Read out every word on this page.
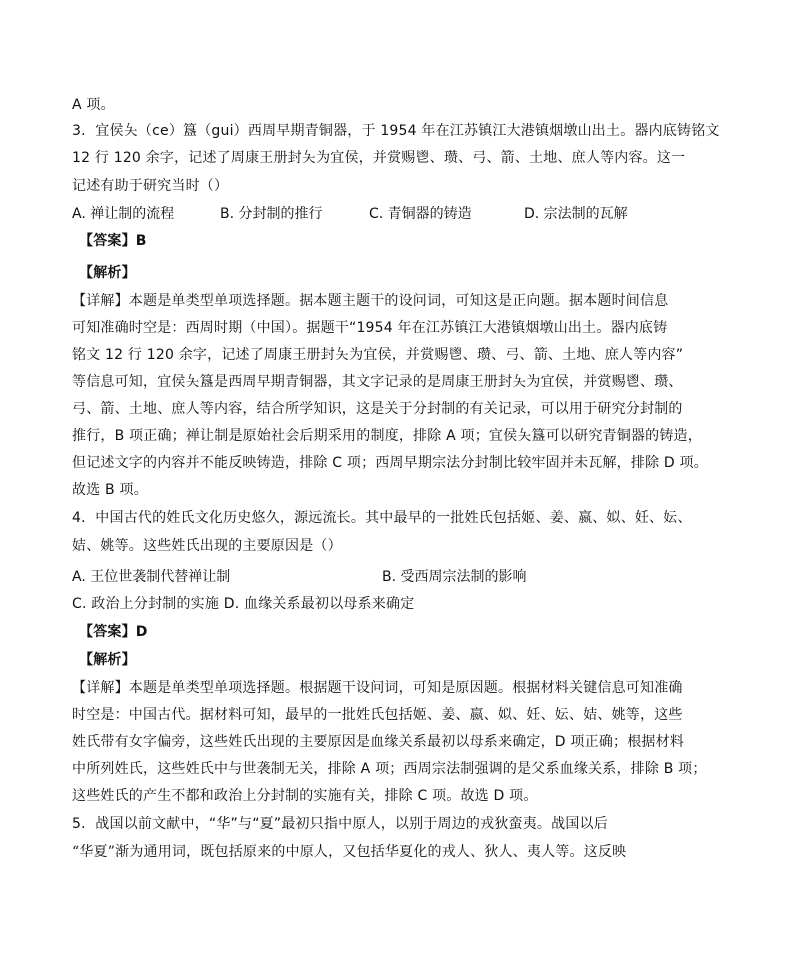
A 项。
3．宜侯夨（ce）簋（gui）西周早期青铜器，于 1954 年在江苏镇江大港镇烟墩山出土。器内底铸铭文
12 行 120 余字，记述了周康王册封夨为宜侯，并赏赐鬯、瓒、弓、箭、土地、庶人等内容。这一
记述有助于研究当时（）
A. 禅让制的流程	B. 分封制的推行	C. 青铜器的铸造	D. 宗法制的瓦解
【答案】B
【解析】
【详解】本题是单类型单项选择题。据本题主题干的设问词，可知这是正向题。据本题时间信息
可知准确时空是：西周时期（中国）。据题干“1954 年在江苏镇江大港镇烟墩山出土。器内底铸
铭文 12 行 120 余字，记述了周康王册封夨为宜侯，并赏赐鬯、瓒、弓、箭、土地、庶人等内容”
等信息可知，宜侯夨簋是西周早期青铜器，其文字记录的是周康王册封夨为宜侯，并赏赐鬯、瓒、
弓、箭、土地、庶人等内容，结合所学知识，这是关于分封制的有关记录，可以用于研究分封制的
推行，B 项正确；禅让制是原始社会后期采用的制度，排除 A 项；宜侯夨簋可以研究青铜器的铸造，
但记述文字的内容并不能反映铸造，排除 C 项；西周早期宗法分封制比较牢固并未瓦解，排除 D 项。
故选 B 项。
4．中国古代的姓氏文化历史悠久，源远流长。其中最早的一批姓氏包括姬、姜、嬴、姒、妊、妘、
姞、姚等。这些姓氏出现的主要原因是（）
A. 王位世袭制代替禅让制	B. 受西周宗法制的影响
C. 政治上分封制的实施 D. 血缘关系最初以母系来确定
【答案】D
【解析】
【详解】本题是单类型单项选择题。根据题干设问词，可知是原因题。根据材料关键信息可知准确
时空是：中国古代。据材料可知，最早的一批姓氏包括姬、姜、嬴、姒、妊、妘、姞、姚等，这些
姓氏带有女字偏旁，这些姓氏出现的主要原因是血缘关系最初以母系来确定，D 项正确；根据材料
中所列姓氏，这些姓氏中与世袭制无关，排除 A 项；西周宗法制强调的是父系血缘关系，排除 B 项；
这些姓氏的产生不都和政治上分封制的实施有关，排除 C 项。故选 D 项。
5．战国以前文献中，“华”与“夏”最初只指中原人，以别于周边的戎狄蛮夷。战国以后
“华夏”渐为通用词，既包括原来的中原人，又包括华夏化的戎人、狄人、夷人等。这反映
